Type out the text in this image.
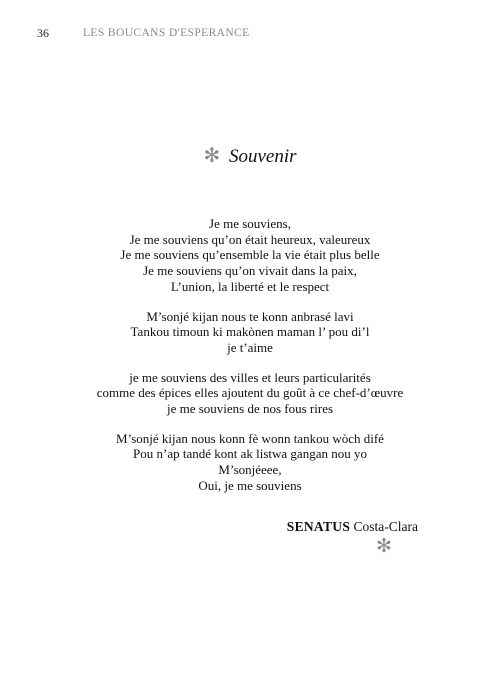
36	LES BOUCANS D'ESPERANCE
✻ Souvenir
Je me souviens,
Je me souviens qu’on était heureux, valeureux
Je me souviens qu’ensemble la vie était plus belle
Je me souviens qu’on vivait dans la paix,
L’union, la liberté et le respect
M’sonjé kijan nous te konn anbrasé lavi
Tankou timoun ki makònen maman l’ pou di’l
je t’aime
je me souviens des villes et leurs particularités
comme des épices elles ajoutent du goût à ce chef-d’œuvre
je me souviens de nos fous rires
M’sonjé kijan nous konn fè wonn tankou wòch difé
Pou n’ap tandé kont ak listwa gangan nou yo
M’sonjéeee,
Oui, je me souviens
SENATUS Costa-Clara
✻
